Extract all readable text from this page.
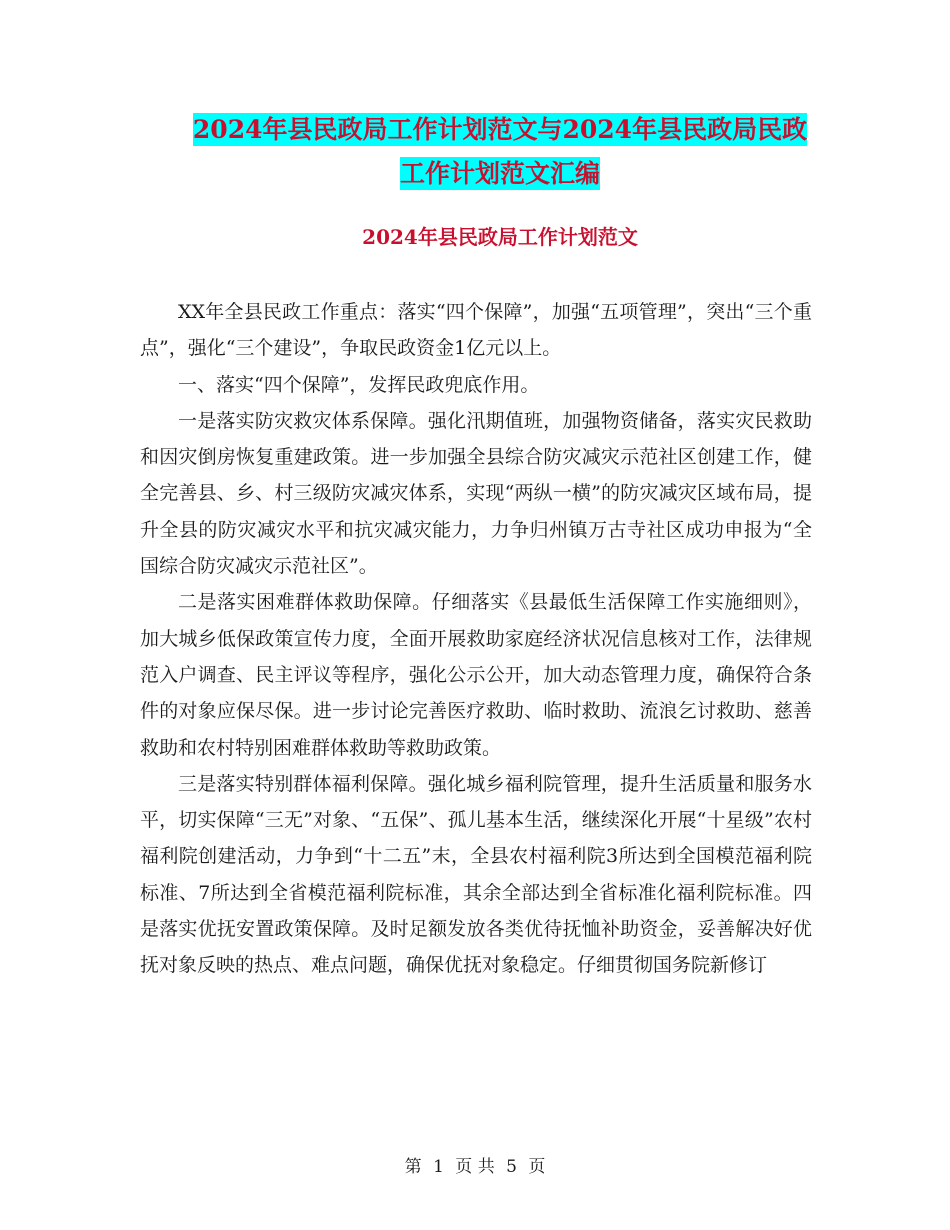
2024年县民政局工作计划范文与2024年县民政局民政
工作计划范文汇编
2024年县民政局工作计划范文

XX年全县民政工作重点：落实“四个保障”，加强“五项管理”，突出“三个重点”，强化“三个建设”，争取民政资金1亿元以上。

一、落实“四个保障”，发挥民政兜底作用。

一是落实防灾救灾体系保障。强化汛期值班，加强物资储备，落实灾民救助和因灾倒房恢复重建政策。进一步加强全县综合防灾减灾示范社区创建工作，健全完善县、乡、村三级防灾减灾体系，实现“两纵一横”的防灾减灾区域布局，提升全县的防灾减灾水平和抗灾减灾能力，力争归州镇万古寺社区成功申报为“全国综合防灾减灾示范社区”。

二是落实困难群体救助保障。仔细落实《县最低生活保障工作实施细则》，加大城乡低保政策宣传力度，全面开展救助家庭经济状况信息核对工作，法律规范入户调查、民主评议等程序，强化公示公开，加大动态管理力度，确保符合条件的对象应保尽保。进一步讨论完善医疗救助、临时救助、流浪乞讨救助、慈善救助和农村特别困难群体救助等救助政策。

三是落实特别群体福利保障。强化城乡福利院管理，提升生活质量和服务水平，切实保障“三无”对象、“五保”、孤儿基本生活，继续深化开展“十星级”农村福利院创建活动，力争到“十二五”末，全县农村福利院3所达到全国模范福利院标准、7所达到全省模范福利院标准，其余全部达到全省标准化福利院标准。四是落实优抚安置政策保障。及时足额发放各类优待抚恤补助资金，妥善解决好优抚对象反映的热点、难点问题，确保优抚对象稳定。仔细贯彻国务院新修订

第 1 页 共 5 页
